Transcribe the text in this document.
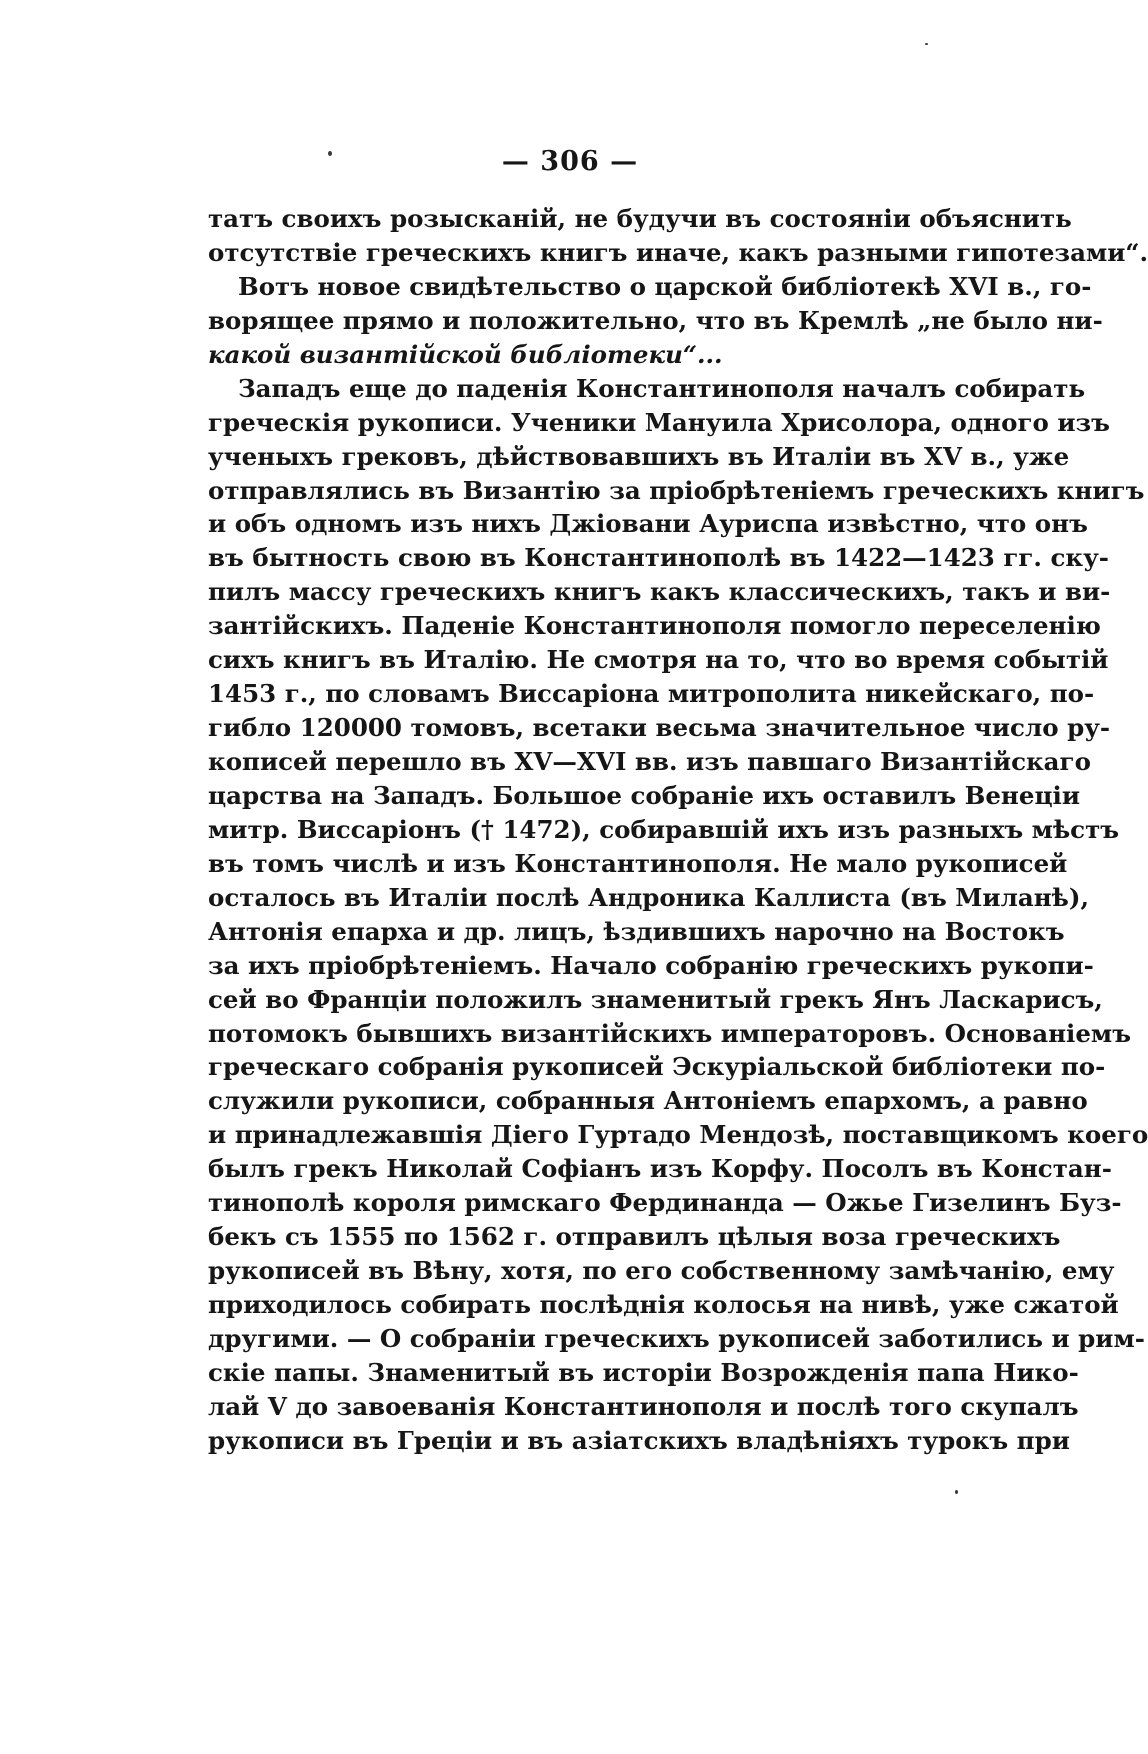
— 306 —
татъ своихъ розысканій, не будучи въ состояніи объяснить
отсутствіе греческихъ книгъ иначе, какъ разными гипотезами“.
Вотъ новое свидѣтельство о царской библіотекѣ XVI в., го-
ворящее прямо и положительно, что въ Кремлѣ „не было ни-
какой византійской библіотеки“...
Западъ еще до паденія Константинополя началъ собирать
греческія рукописи. Ученики Мануила Хрисолора, одного изъ
ученыхъ грековъ, дѣйствовавшихъ въ Италіи въ XV в., уже
отправлялись въ Византію за пріобрѣтеніемъ греческихъ книгъ
и объ одномъ изъ нихъ Джіовани Ауриспа извѣстно, что онъ
въ бытность свою въ Константинополѣ въ 1422—1423 гг. ску-
пилъ массу греческихъ книгъ какъ классическихъ, такъ и ви-
зантійскихъ. Паденіе Константинополя помогло переселенію
сихъ книгъ въ Италію. Не смотря на то, что во время событій
1453 г., по словамъ Виссаріона митрополита никейскаго, по-
гибло 120000 томовъ, всетаки весьма значительное число ру-
кописей перешло въ XV—XVI вв. изъ павшаго Византійскаго
царства на Западъ. Большое собраніе ихъ оставилъ Венеціи
митр. Виссаріонъ († 1472), собиравшій ихъ изъ разныхъ мѣстъ
въ томъ числѣ и изъ Константинополя. Не мало рукописей
осталось въ Италіи послѣ Андроника Каллиста (въ Миланѣ),
Антонія епарха и др. лицъ, ѣздившихъ нарочно на Востокъ
за ихъ пріобрѣтеніемъ. Начало собранію греческихъ рукопи-
сей во Франціи положилъ знаменитый грекъ Янъ Ласкарисъ,
потомокъ бывшихъ византійскихъ императоровъ. Основаніемъ
греческаго собранія рукописей Эскуріальской библіотеки по-
служили рукописи, собранныя Антоніемъ епархомъ, а равно
и принадлежавшія Діего Гуртадо Мендозѣ, поставщикомъ коего
былъ грекъ Николай Софіанъ изъ Корфу. Посолъ въ Констан-
тинополѣ короля римскаго Фердинанда — Ожье Гизелинъ Буз-
бекъ съ 1555 по 1562 г. отправилъ цѣлыя воза греческихъ
рукописей въ Вѣну, хотя, по его собственному замѣчанію, ему
приходилось собирать послѣднія колосья на нивѣ, уже сжатой
другими. — О собраніи греческихъ рукописей заботились и рим-
скіе папы. Знаменитый въ исторіи Возрожденія папа Нико-
лай V до завоеванія Константинополя и послѣ того скупалъ
рукописи въ Греціи и въ азіатскихъ владѣніяхъ турокъ при
